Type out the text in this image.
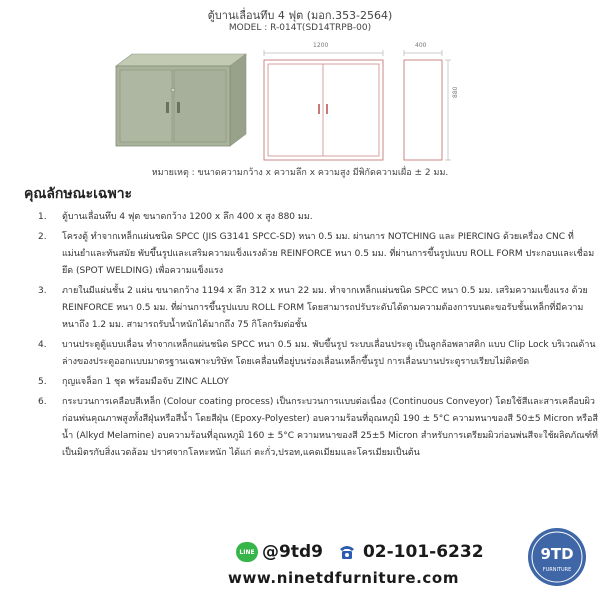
ตู้บานเลื่อนทึบ 4 ฟุต (มอก.353-2564)
MODEL : R-014T(SD14TRPB-00)
1200	400
880
หมายเหตุ : ขนาดความกว้าง x ความลึก x ความสูง มีพิกัดความเผื่อ ± 2 มม.
คุณลักษณะเฉพาะ
1. ตู้บานเลื่อนทึบ 4 ฟุต ขนาดกว้าง 1200 x ลึก 400 x สูง 880 มม.
2. โครงตู้ ทำจากเหล็กแผ่นชนิด SPCC (JIS G3141 SPCC-SD) หนา 0.5 มม. ผ่านการ NOTCHING และ PIERCING ด้วยเครื่อง CNC ที่แม่นยำและทันสมัย พับขึ้นรูปและเสริมความแข็งแรงด้วย REINFORCE หนา 0.5 มม. ที่ผ่านการขึ้นรูปแบบ ROLL FORM ประกอบและเชื่อมยึด (SPOT WELDING) เพื่อความแข็งแรง
3. ภายในมีแผ่นชั้น 2 แผ่น ขนาดกว้าง 1194 x ลึก 312 x หนา 22 มม. ทำจากเหล็กแผ่นชนิด SPCC หนา 0.5 มม. เสริมความแข็งแรง ด้วย REINFORCE หนา 0.5 มม. ที่ผ่านการขึ้นรูปแบบ ROLL FORM โดยสามารถปรับระดับได้ตามความต้องการบนตะขอรับชั้นเหล็กที่มีความหนาถึง 1.2 มม. สามารถรับน้ำหนักได้มากถึง 75 กิโลกรัมต่อชั้น
4. บานประตูตู้แบบเลื่อน ทำจากเหล็กแผ่นชนิด SPCC หนา 0.5 มม. พับขึ้นรูป ระบบเลื่อนประตู เป็นลูกล้อพลาสติก แบบ Clip Lock บริเวณด้านล่างของประตูออกแบบมาตรฐานเฉพาะบริษัท โดยเคลื่อนที่อยู่บนร่องเลื่อนเหล็กขึ้นรูป การเลื่อนบานประตูราบเรียบไม่ติดขัด
5. กุญแจล็อก 1 ชุด พร้อมมือจับ ZINC ALLOY
6. กระบวนการเคลือบสีเหล็ก (Colour coating process) เป็นกระบวนการแบบต่อเนื่อง (Continuous Conveyor) โดยใช้สีและสารเคลือบผิวก่อนพ่นคุณภาพสูงทั้งสีฝุ่นหรือสีน้ำ โดยสีฝุ่น (Epoxy-Polyester) อบความร้อนที่อุณหภูมิ 190 ± 5°C ความหนาของสี 50±5 Micron หรือสีน้ำ (Alkyd Melamine) อบความร้อนที่อุณหภูมิ 160 ± 5°C ความหนาของสี 25±5 Micron สำหรับการเตรียมผิวก่อนพ่นสีจะใช้ผลิตภัณฑ์ที่เป็นมิตรกับสิ่งแวดล้อม ปราศจากโลหะหนัก ได้แก่ ตะกั่ว,ปรอท,แคดเมียมและโครเมียมเป็นต้น
LINE @9td9 02-101-6232
www.ninetdfurniture.com
9TD
FURNITURE
